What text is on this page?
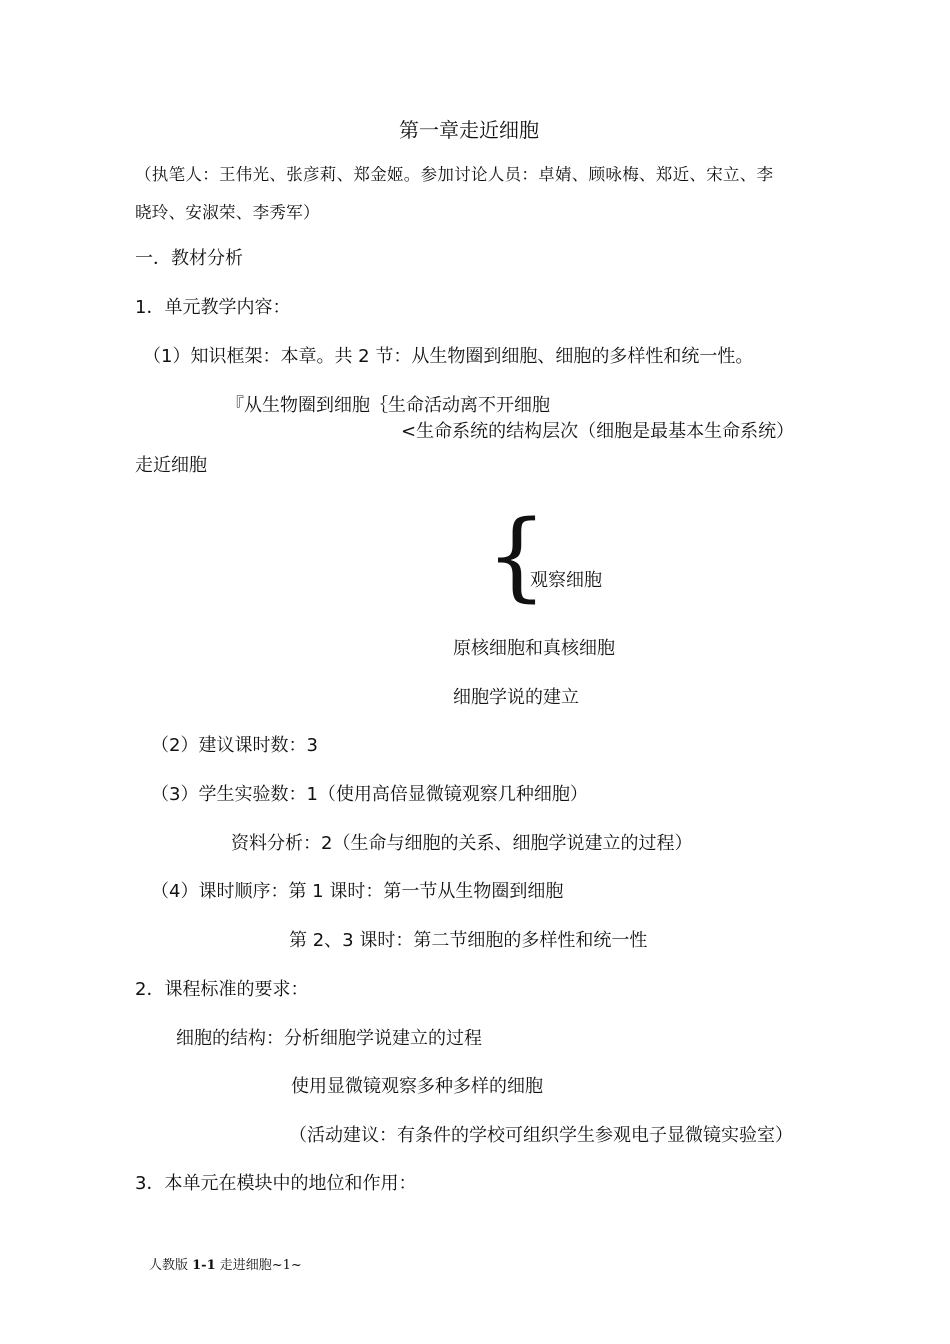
第一章走近细胞
（执笔人：王伟光、张彦莉、郑金姬。参加讨论人员：卓婧、顾咏梅、郑近、宋立、李
晓玲、安淑荣、李秀军）
一．教材分析
1．单元教学内容：
（1）知识框架：本章。共 2 节：从生物圈到细胞、细胞的多样性和统一性。
『从生物圈到细胞｛生命活动离不开细胞
<生命系统的结构层次（细胞是最基本生命系统）
走近细胞
{
观察细胞
原核细胞和真核细胞
细胞学说的建立
（2）建议课时数：3
（3）学生实验数：1（使用高倍显微镜观察几种细胞）
资料分析：2（生命与细胞的关系、细胞学说建立的过程）
（4）课时顺序：第 1 课时：第一节从生物圈到细胞
第 2、3 课时：第二节细胞的多样性和统一性
2．课程标准的要求：
细胞的结构：分析细胞学说建立的过程
使用显微镜观察多种多样的细胞
（活动建议：有条件的学校可组织学生参观电子显微镜实验室）
3．本单元在模块中的地位和作用：
人教版 1-1 走进细胞~1~
